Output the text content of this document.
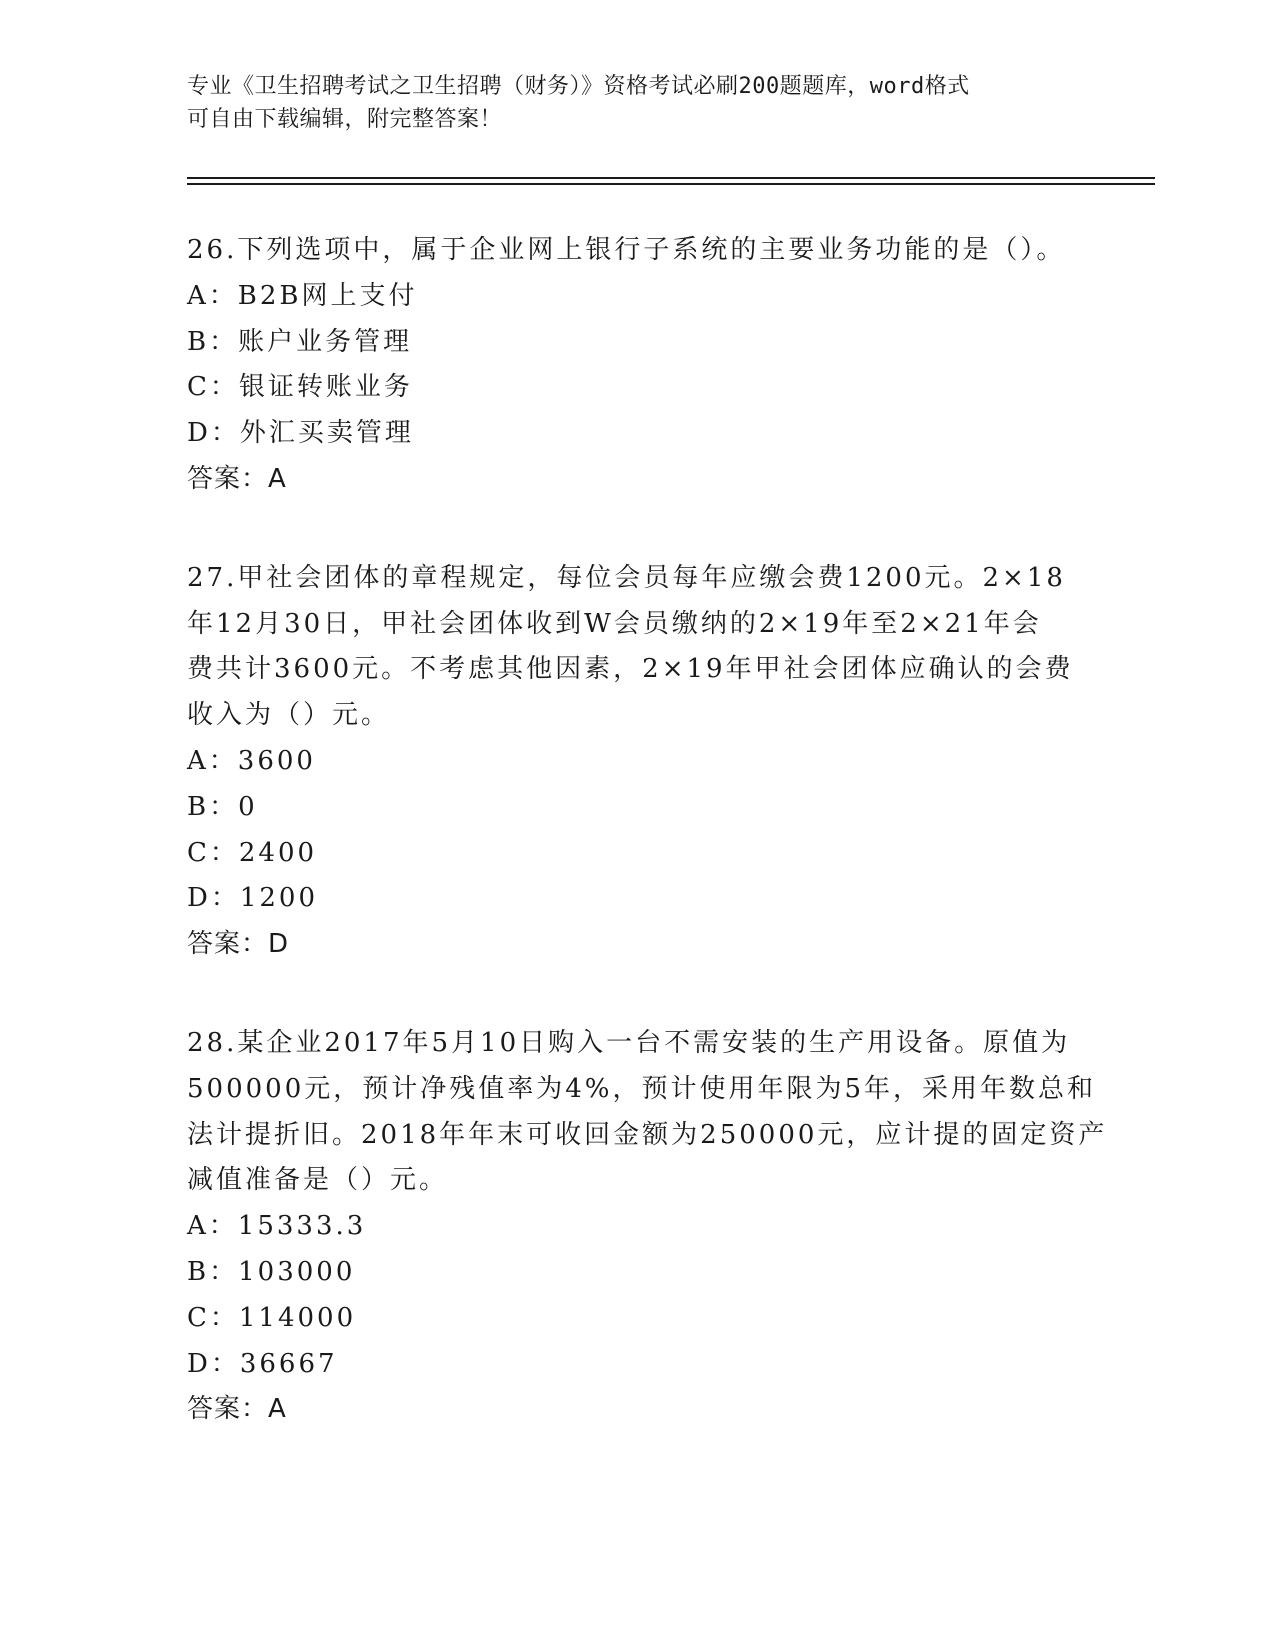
专业《卫生招聘考试之卫生招聘（财务）》资格考试必刷200题题库，word格式
可自由下载编辑，附完整答案！
26.下列选项中，属于企业网上银行子系统的主要业务功能的是（）。
A：B2B网上支付
B：账户业务管理
C：银证转账业务
D：外汇买卖管理
答案：A
27.甲社会团体的章程规定，每位会员每年应缴会费1200元。2×18
年12月30日，甲社会团体收到W会员缴纳的2×19年至2×21年会
费共计3600元。不考虑其他因素，2×19年甲社会团体应确认的会费
收入为（）元。
A：3600
B：0
C：2400
D：1200
答案：D
28.某企业2017年5月10日购入一台不需安装的生产用设备。原值为
500000元，预计净残值率为4%，预计使用年限为5年，采用年数总和
法计提折旧。2018年年末可收回金额为250000元，应计提的固定资产
减值准备是（）元。
A：15333.3
B：103000
C：114000
D：36667
答案：A
